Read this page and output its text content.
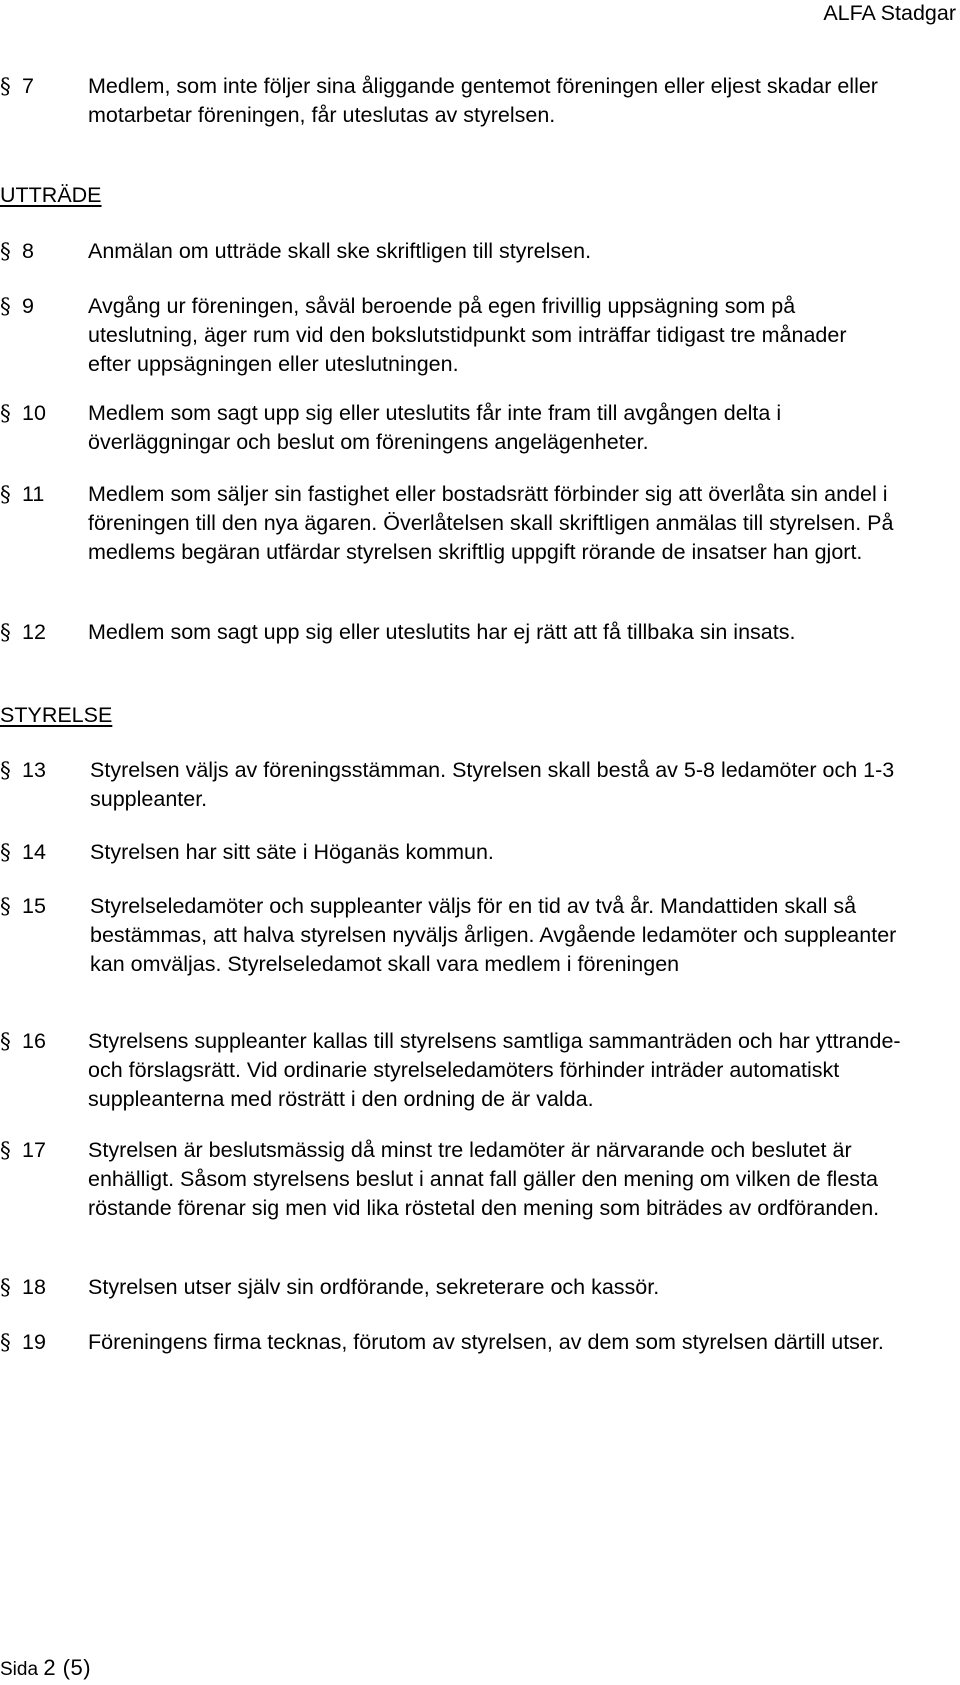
ALFA Stadgar
§ 7	Medlem, som inte följer sina åliggande gentemot föreningen eller eljest skadar eller motarbetar föreningen, får uteslutas av styrelsen.
UTTRÄDE
§ 8	Anmälan om utträde skall ske skriftligen till styrelsen.
§ 9	Avgång ur föreningen, såväl beroende på egen frivillig uppsägning som på uteslutning, äger rum vid den bokslutstidpunkt som inträffar tidigast tre månader efter uppsägningen eller uteslutningen.
§ 10 Medlem som sagt upp sig eller uteslutits får inte fram till avgången delta i överläggningar och beslut om föreningens angelägenheter.
§ 11 Medlem som säljer sin fastighet eller bostadsrätt förbinder sig att överlåta sin andel i föreningen till den nya ägaren. Överlåtelsen skall skriftligen anmälas till styrelsen. På medlems begäran utfärdar styrelsen skriftlig uppgift rörande de insatser han gjort.
§ 12 Medlem som sagt upp sig eller uteslutits har ej rätt att få tillbaka sin insats.
STYRELSE
§ 13 Styrelsen väljs av föreningsstämman. Styrelsen skall bestå av 5-8 ledamöter och 1-3 suppleanter.
§ 14 Styrelsen har sitt säte i Höganäs kommun.
§ 15 Styrelseledamöter och suppleanter väljs för en tid av två år. Mandattiden skall så bestämmas, att halva styrelsen nyväljs årligen. Avgående ledamöter och suppleanter kan omväljas. Styrelseledamot skall vara medlem i föreningen
§ 16 Styrelsens suppleanter kallas till styrelsens samtliga sammanträden och har yttrande- och förslagsrätt. Vid ordinarie styrelseledamöters förhinder inträder automatiskt suppleanterna med rösträtt i den ordning de är valda.
§ 17 Styrelsen är beslutsmässig då minst tre ledamöter är närvarande och beslutet är enhälligt. Såsom styrelsens beslut i annat fall gäller den mening om vilken de flesta röstande förenar sig men vid lika röstetal den mening som biträdes av ordföranden.
§ 18 Styrelsen utser själv sin ordförande, sekreterare och kassör.
§ 19 Föreningens firma tecknas, förutom av styrelsen, av dem som styrelsen därtill utser.
Sida 2 (5)
